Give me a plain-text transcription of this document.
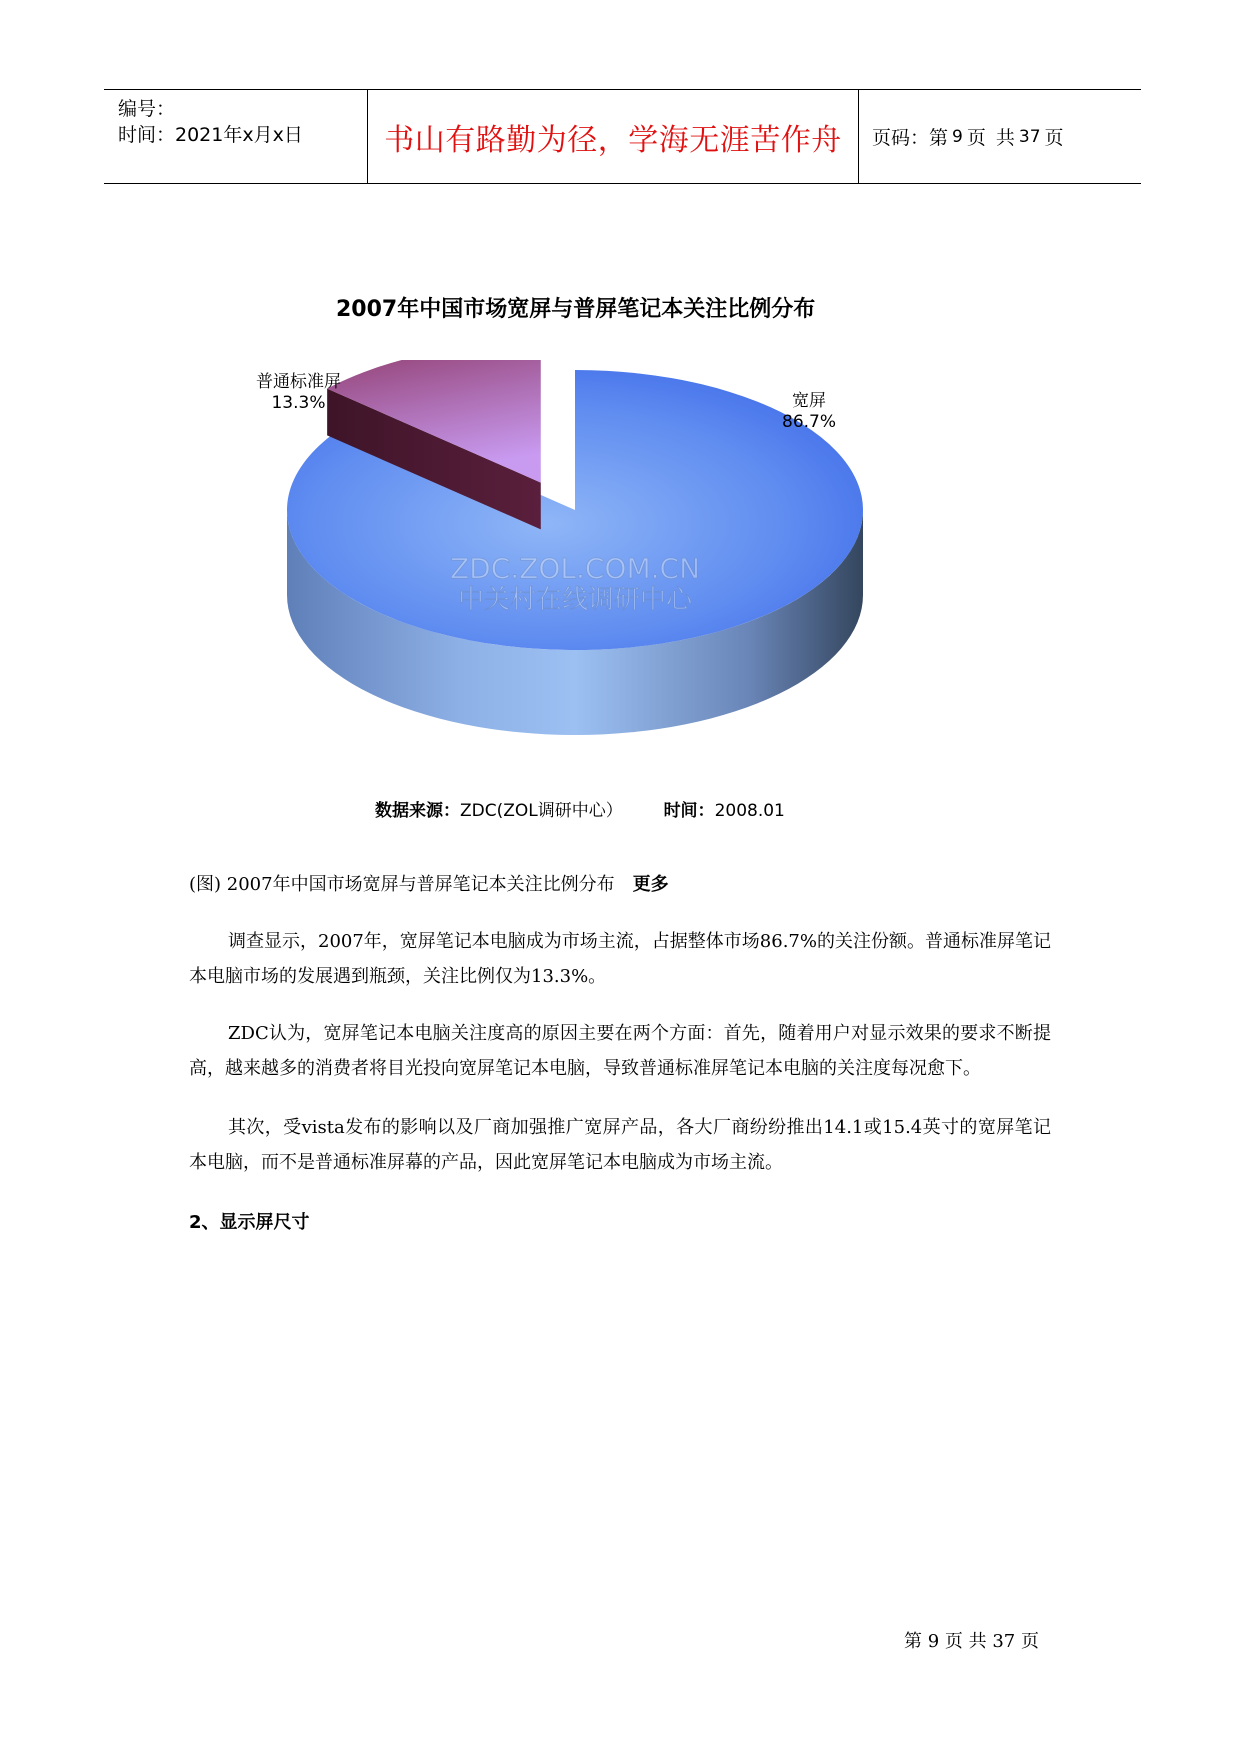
编号：
时间：2021年x月x日	书山有路勤为径，学海无涯苦作舟 页码：第 9 页 共 37 页
2007年中国市场宽屏与普屏笔记本关注比例分布
ZDC.ZOL.COM.CN
中关村在线调研中心
普通标准屏
13.3%	宽屏
86.7%
数据来源：ZDC(ZOL调研中心） 时间：2008.01
(图) 2007年中国市场宽屏与普屏笔记本关注比例分布 更多
调查显示，2007年，宽屏笔记本电脑成为市场主流，占据整体市场86.7%的关注份额。普通标准屏笔记本电脑市场的发展遇到瓶颈，关注比例仅为13.3%。
ZDC认为，宽屏笔记本电脑关注度高的原因主要在两个方面：首先，随着用户对显示效果的要求不断提高，越来越多的消费者将目光投向宽屏笔记本电脑，导致普通标准屏笔记本电脑的关注度每况愈下。
其次，受vista发布的影响以及厂商加强推广宽屏产品，各大厂商纷纷推出14.1或15.4英寸的宽屏笔记本电脑，而不是普通标准屏幕的产品，因此宽屏笔记本电脑成为市场主流。
2、显示屏尺寸
第 9 页 共 37 页
